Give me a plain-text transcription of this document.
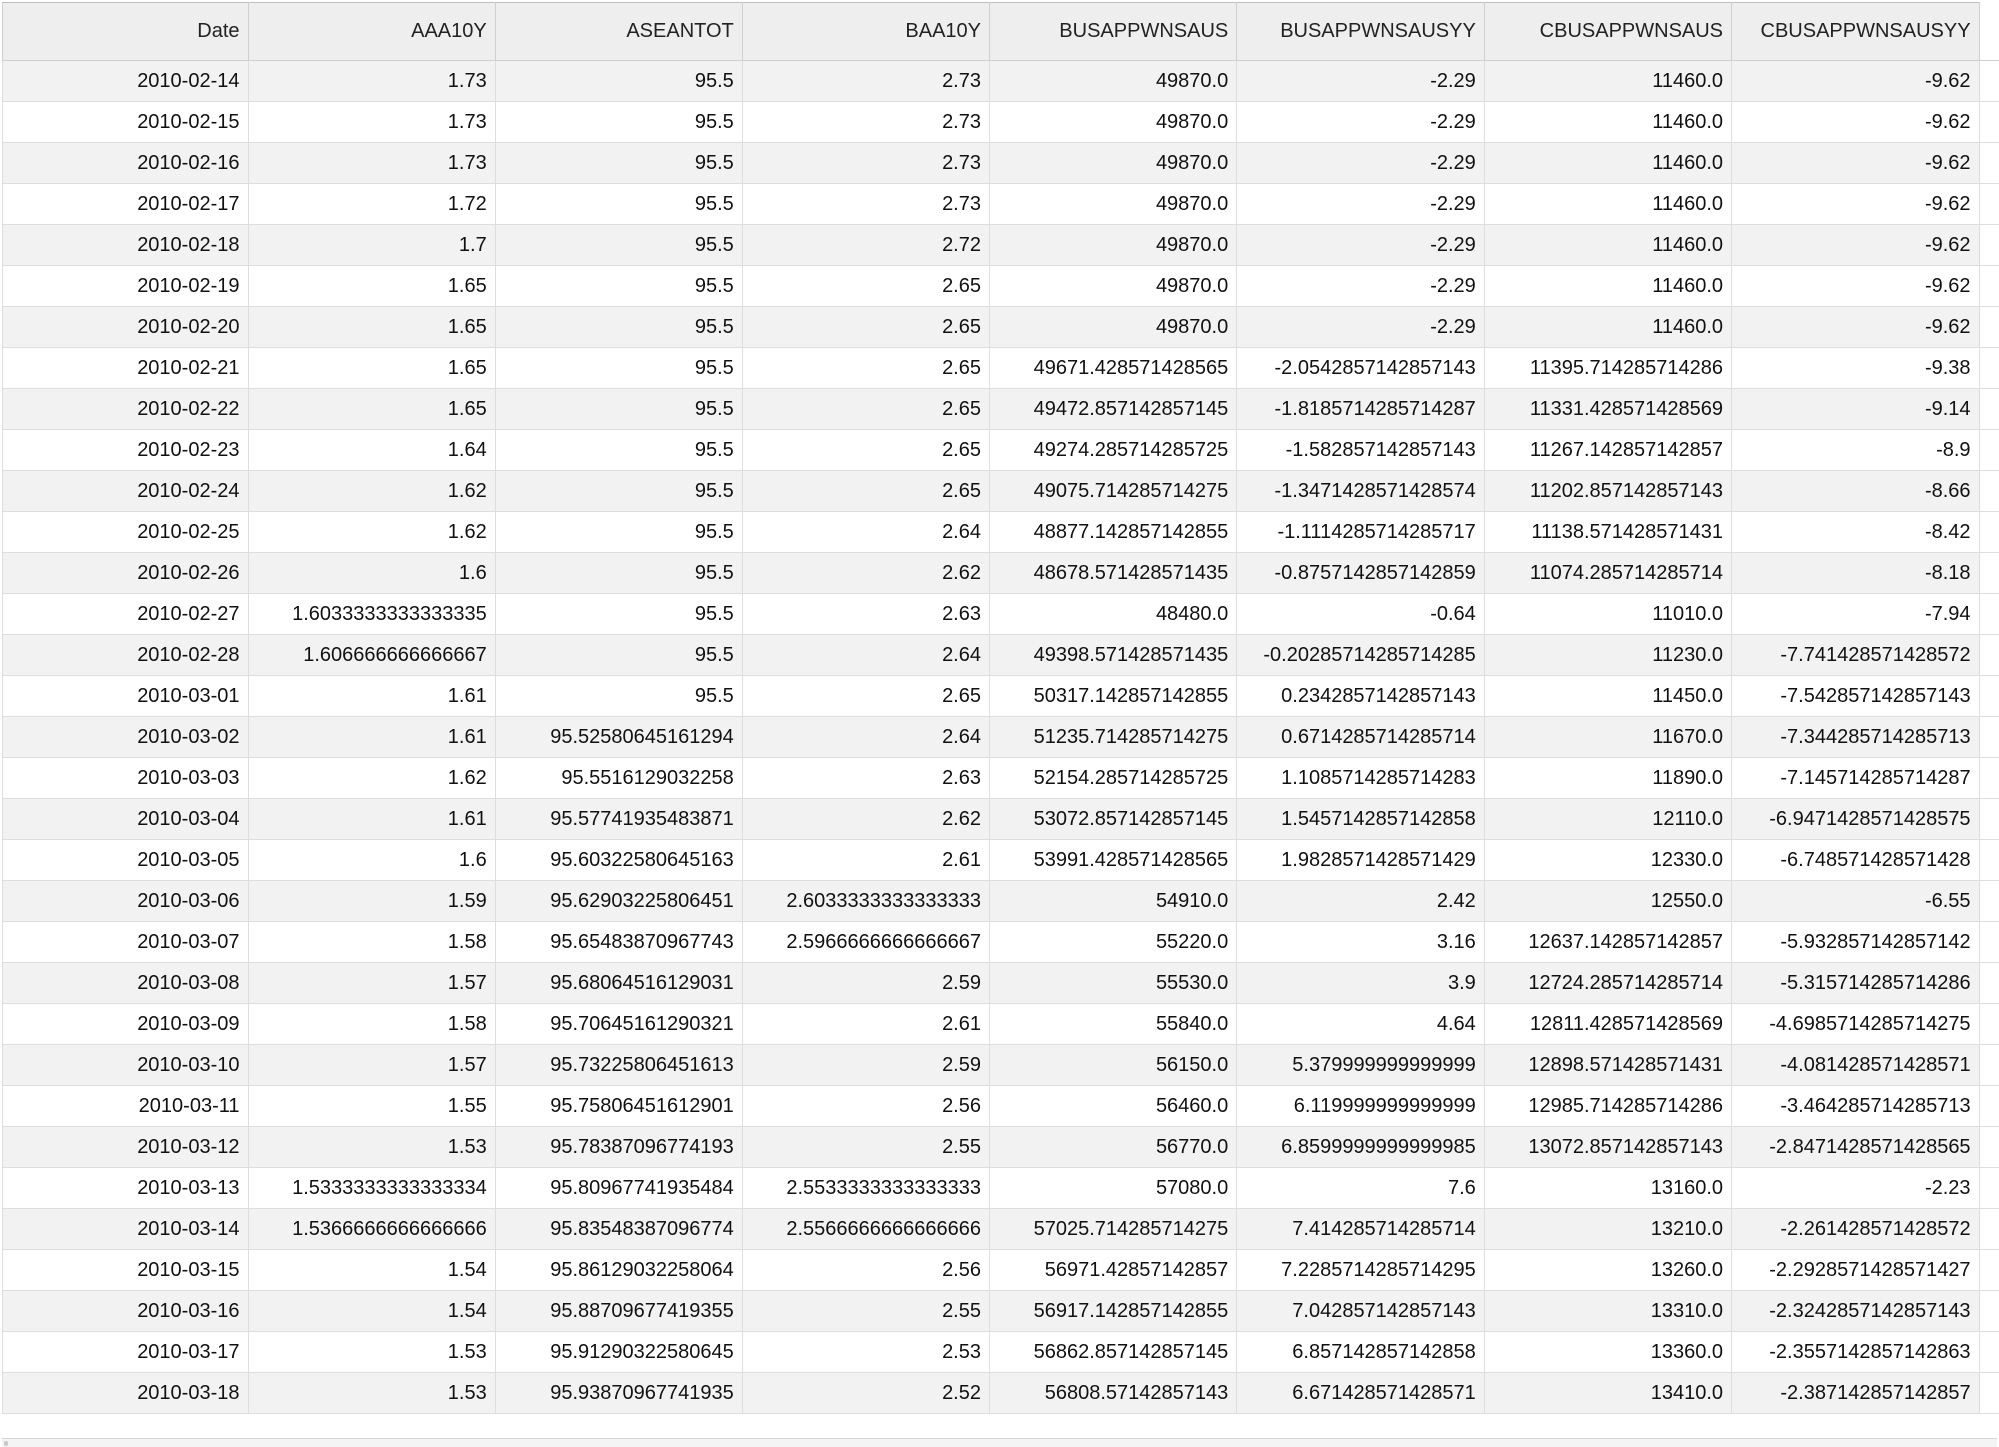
Date	AAA10Y	ASEANTOT	BAA10Y	BUSAPPWNSAUS	BUSAPPWNSAUSYY	CBUSAPPWNSAUS	CBUSAPPWNSAUSYY	
2010-02-14	1.73	95.5	2.73	49870.0	-2.29	11460.0	-9.62	
2010-02-15	1.73	95.5	2.73	49870.0	-2.29	11460.0	-9.62	
2010-02-16	1.73	95.5	2.73	49870.0	-2.29	11460.0	-9.62	
2010-02-17	1.72	95.5	2.73	49870.0	-2.29	11460.0	-9.62	
2010-02-18	1.7	95.5	2.72	49870.0	-2.29	11460.0	-9.62	
2010-02-19	1.65	95.5	2.65	49870.0	-2.29	11460.0	-9.62	
2010-02-20	1.65	95.5	2.65	49870.0	-2.29	11460.0	-9.62	
2010-02-21	1.65	95.5	2.65	49671.428571428565	-2.0542857142857143	11395.714285714286	-9.38	
2010-02-22	1.65	95.5	2.65	49472.857142857145	-1.8185714285714287	11331.428571428569	-9.14	
2010-02-23	1.64	95.5	2.65	49274.285714285725	-1.582857142857143	11267.142857142857	-8.9	
2010-02-24	1.62	95.5	2.65	49075.714285714275	-1.3471428571428574	11202.857142857143	-8.66	
2010-02-25	1.62	95.5	2.64	48877.142857142855	-1.1114285714285717	11138.571428571431	-8.42	
2010-02-26	1.6	95.5	2.62	48678.571428571435	-0.8757142857142859	11074.285714285714	-8.18	
2010-02-27	1.6033333333333335	95.5	2.63	48480.0	-0.64	11010.0	-7.94	
2010-02-28	1.606666666666667	95.5	2.64	49398.571428571435	-0.20285714285714285	11230.0	-7.741428571428572	
2010-03-01	1.61	95.5	2.65	50317.142857142855	0.2342857142857143	11450.0	-7.542857142857143	
2010-03-02	1.61	95.52580645161294	2.64	51235.714285714275	0.6714285714285714	11670.0	-7.344285714285713	
2010-03-03	1.62	95.5516129032258	2.63	52154.285714285725	1.1085714285714283	11890.0	-7.145714285714287	
2010-03-04	1.61	95.57741935483871	2.62	53072.857142857145	1.5457142857142858	12110.0	-6.9471428571428575	
2010-03-05	1.6	95.60322580645163	2.61	53991.428571428565	1.9828571428571429	12330.0	-6.748571428571428	
2010-03-06	1.59	95.62903225806451	2.6033333333333333	54910.0	2.42	12550.0	-6.55	
2010-03-07	1.58	95.65483870967743	2.5966666666666667	55220.0	3.16	12637.142857142857	-5.932857142857142	
2010-03-08	1.57	95.68064516129031	2.59	55530.0	3.9	12724.285714285714	-5.315714285714286	
2010-03-09	1.58	95.70645161290321	2.61	55840.0	4.64	12811.428571428569	-4.6985714285714275	
2010-03-10	1.57	95.73225806451613	2.59	56150.0	5.379999999999999	12898.571428571431	-4.081428571428571	
2010-03-11	1.55	95.75806451612901	2.56	56460.0	6.119999999999999	12985.714285714286	-3.464285714285713	
2010-03-12	1.53	95.78387096774193	2.55	56770.0	6.8599999999999985	13072.857142857143	-2.8471428571428565	
2010-03-13	1.5333333333333334	95.80967741935484	2.5533333333333333	57080.0	7.6	13160.0	-2.23	
2010-03-14	1.5366666666666666	95.83548387096774	2.5566666666666666	57025.714285714275	7.414285714285714	13210.0	-2.261428571428572	
2010-03-15	1.54	95.86129032258064	2.56	56971.42857142857	7.2285714285714295	13260.0	-2.2928571428571427	
2010-03-16	1.54	95.88709677419355	2.55	56917.142857142855	7.042857142857143	13310.0	-2.3242857142857143	
2010-03-17	1.53	95.91290322580645	2.53	56862.857142857145	6.857142857142858	13360.0	-2.3557142857142863	
2010-03-18	1.53	95.93870967741935	2.52	56808.57142857143	6.671428571428571	13410.0	-2.387142857142857	
